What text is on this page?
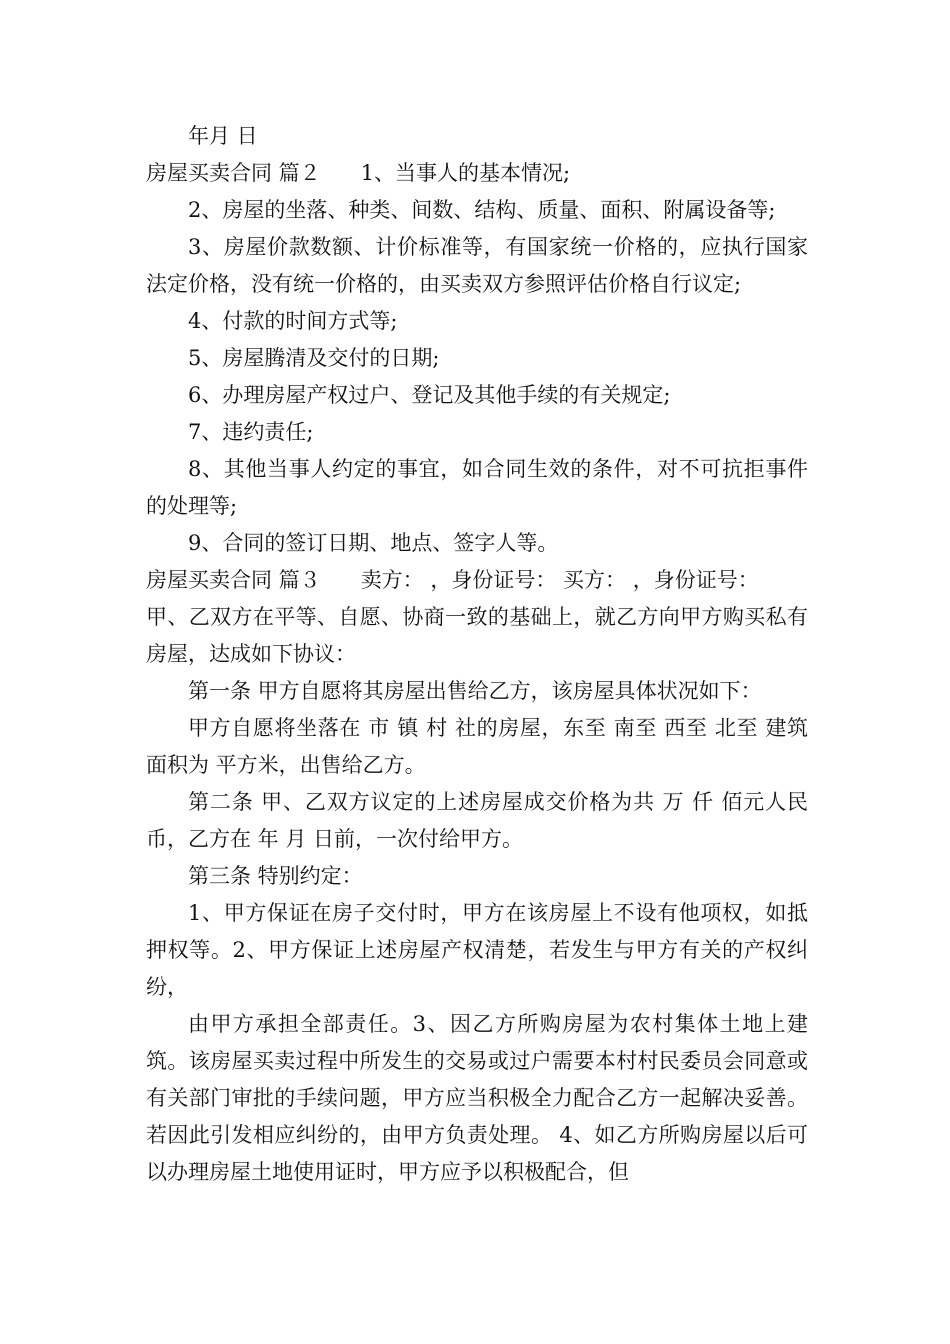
年月 日

房屋买卖合同 篇２ 1、当事人的基本情况;

2、房屋的坐落、种类、间数、结构、质量、面积、附属设备等;

3、房屋价款数额、计价标准等，有国家统一价格的，应执行国家法定价格，没有统一价格的，由买卖双方参照评估价格自行议定;

4、付款的时间方式等;

5、房屋腾清及交付的日期;

6、办理房屋产权过户、登记及其他手续的有关规定;

7、违约责任;

8、其他当事人约定的事宜，如合同生效的条件，对不可抗拒事件的处理等;

9、合同的签订日期、地点、签字人等。

房屋买卖合同 篇３ 卖方： ，身份证号： 买方： ，身份证号：

甲、乙双方在平等、自愿、协商一致的基础上，就乙方向甲方购买私有房屋，达成如下协议：

第一条 甲方自愿将其房屋出售给乙方，该房屋具体状况如下：

甲方自愿将坐落在 市 镇 村 社的房屋，东至 南至 西至 北至 建筑面积为 平方米，出售给乙方。

第二条 甲、乙双方议定的上述房屋成交价格为共 万 仟 佰元人民币，乙方在 年 月 日前，一次付给甲方。

第三条 特别约定：

1、甲方保证在房子交付时，甲方在该房屋上不设有他项权，如抵押权等。2、甲方保证上述房屋产权清楚，若发生与甲方有关的产权纠纷，

由甲方承担全部责任。3、因乙方所购房屋为农村集体土地上建筑。该房屋买卖过程中所发生的交易或过户需要本村村民委员会同意或有关部门审批的手续问题，甲方应当积极全力配合乙方一起解决妥善。若因此引发相应纠纷的，由甲方负责处理。 4、如乙方所购房屋以后可以办理房屋土地使用证时，甲方应予以积极配合，但
